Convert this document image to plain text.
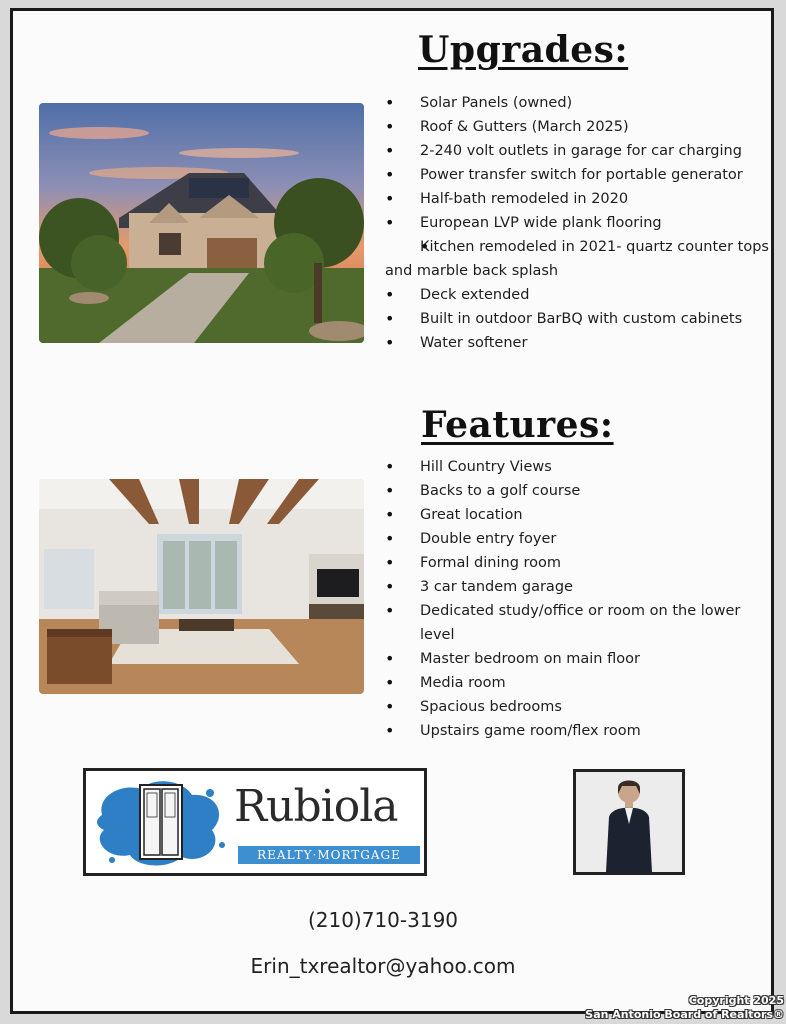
Upgrades:
• Solar Panels (owned)
• Roof & Gutters (March 2025)
• 2-240 volt outlets in garage for car charging
• Power transfer switch for portable generator
• Half-bath remodeled in 2020
• European LVP wide plank flooring
• Kitchen remodeled in 2021- quartz counter tops and marble back splash
• Deck extended
• Built in outdoor BarBQ with custom cabinets
• Water softener
Features:
• Hill Country Views
• Backs to a golf course
• Great location
• Double entry foyer
• Formal dining room
• 3 car tandem garage
• Dedicated study/office or room on the lower level
• Master bedroom on main floor
• Media room
• Spacious bedrooms
• Upstairs game room/flex room
Rubiola
REALTY·MORTGAGE
(210)710-3190
Erin_txrealtor@yahoo.com
Copyright 2025
San Antonio Board of Realtors®
